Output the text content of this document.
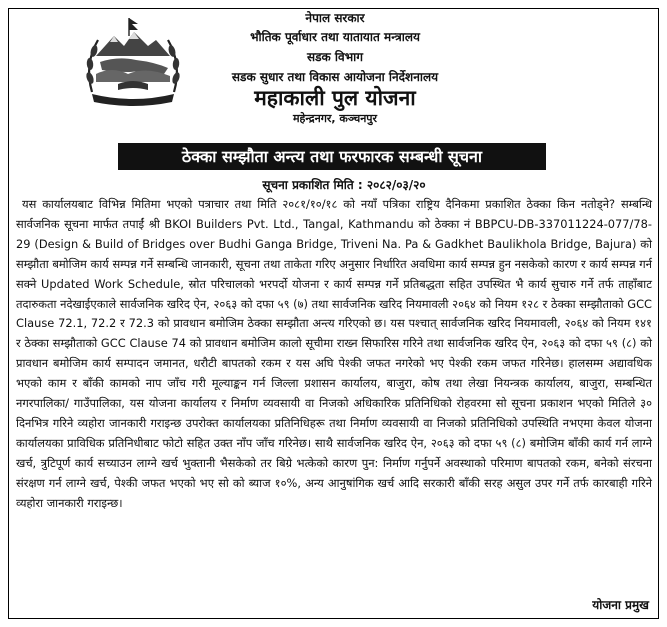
नेपाल सरकार
भौतिक पूर्वाधार तथा यातायात मन्त्रालय
सडक विभाग
सडक सुधार तथा विकास आयोजना निर्देशनालय
महाकाली पुल योजना
महेन्द्रनगर, कञ्चनपुर
ठेक्का सम्झौता अन्त्य तथा फरफारक सम्बन्धी सूचना
सूचना प्रकाशित मिति : २०८२/०३/२०

यस कार्यालयबाट विभिन्न मितिमा भएको पत्राचार तथा मिति २०८१/१०/१८ को नयाँ पत्रिका राष्ट्रिय दैनिकमा प्रकाशित ठेक्का किन नतोड्ने? सम्बन्धि सार्वजनिक सूचना मार्फत तपाईं श्री BKOI Builders Pvt. Ltd., Tangal, Kathmandu को ठेक्का नं BBPCU-DB-337011224-077/78-29 (Design & Build of Bridges over Budhi Ganga Bridge, Triveni Na. Pa & Gadkhet Baulikhola Bridge, Bajura) को सम्झौता बमोजिम कार्य सम्पन्न गर्ने सम्बन्धि जानकारी, सूचना तथा ताकेता गरिए अनुसार निर्धारित अवधिमा कार्य सम्पन्न हुन नसकेको कारण र कार्य सम्पन्न गर्न सक्ने Updated Work Schedule, स्रोत परिचालको भरपर्दो योजना र कार्य सम्पन्न गर्ने प्रतिबद्धता सहित उपस्थित भै कार्य सुचारु गर्ने तर्फ ताहाँबाट तदारुकता नदेखाईएकाले सार्वजनिक खरिद ऐन, २०६३ को दफा ५९ (७) तथा सार्वजनिक खरिद नियमावली २०६४ को नियम १२८ र ठेक्का सम्झौताको GCC Clause 72.1, 72.2 र 72.3 को प्रावधान बमोजिम ठेक्का सम्झौता अन्त्य गरिएको छ। यस पश्चात् सार्वजनिक खरिद नियमावली, २०६४ को नियम १४१ र ठेक्का सम्झौताको GCC Clause 74 को प्रावधान बमोजिम कालो सूचीमा राख्न सिफारिस गरिने तथा सार्वजनिक खरिद ऐन, २०६३ को दफा ५९ (८) को प्रावधान बमोजिम कार्य सम्पादन जमानत, धरौटी बापतको रकम र यस अघि पेश्की जफत नगरेको भए पेश्की रकम जफत गरिनेछ। हालसम्म अद्यावधिक भएको काम र बाँकी कामको नाप जाँच गरी मूल्याङ्कन गर्न जिल्ला प्रशासन कार्यालय, बाजुरा, कोष तथा लेखा नियन्त्रक कार्यालय, बाजुरा, सम्बन्धित नगरपालिका/ गाउँपालिका, यस योजना कार्यालय र निर्माण व्यवसायी वा निजको अधिकारिक प्रतिनिधिको रोहवरमा सो सूचना प्रकाशन भएको मितिले ३० दिनभित्र गरिने व्यहोरा जानकारी गराइन्छ उपरोक्त कार्यालयका प्रतिनिधिहरू तथा निर्माण व्यवसायी वा निजको प्रतिनिधिको उपस्थिति नभएमा केवल योजना कार्यालयका प्राविधिक प्रतिनिधीबाट फोटो सहित उक्त नाँप जाँच गरिनेछ। साथै सार्वजनिक खरिद ऐन, २०६३ को दफा ५९ (८) बमोजिम बाँकी कार्य गर्न लाग्ने खर्च, त्रुटिपूर्ण कार्य सच्याउन लाग्ने खर्च भुक्तानी भैसकेको तर बिग्रे भत्केको कारण पुन: निर्माण गर्नुपर्ने अवस्थाको परिमाण बापतको रकम, बनेको संरचना संरक्षण गर्न लाग्ने खर्च, पेश्की जफत भएको भए सो को ब्याज १०%, अन्य आनुषांगिक खर्च आदि सरकारी बाँकी सरह असुल उपर गर्ने तर्फ कारबाही गरिने व्यहोरा जानकारी गराइन्छ।

योजना प्रमुख
